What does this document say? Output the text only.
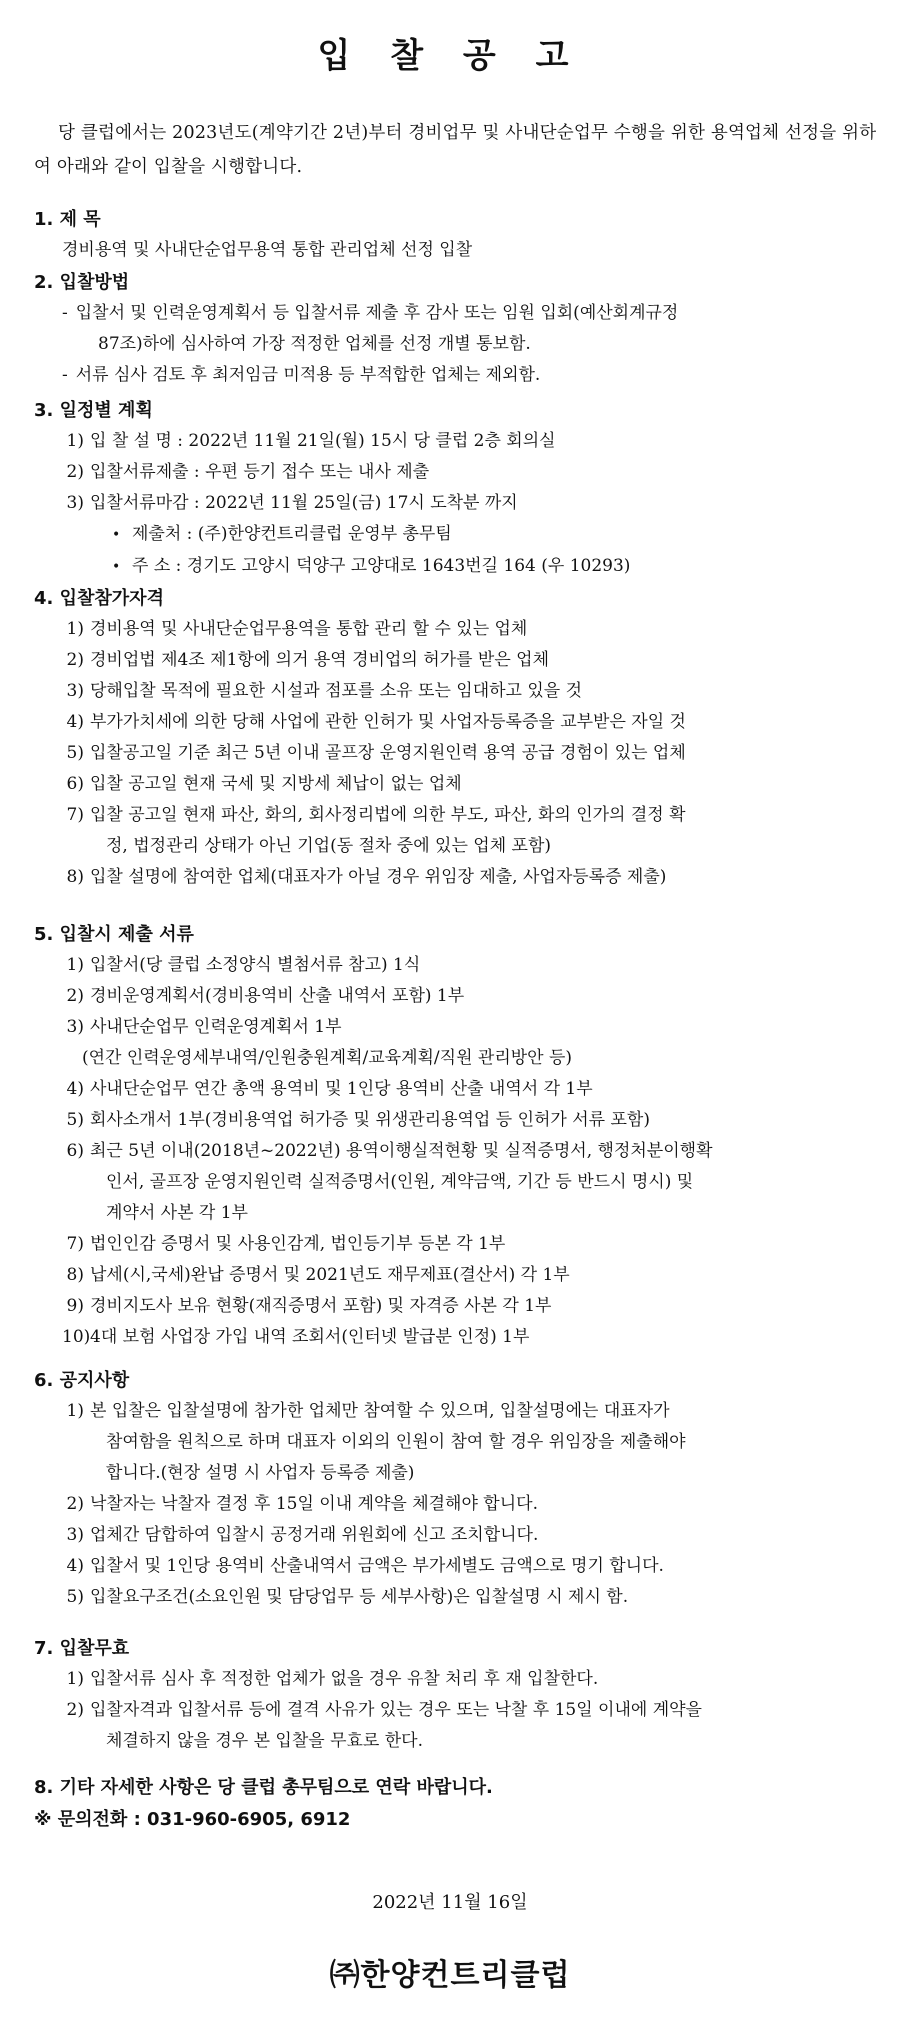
입 찰 공 고
당 클럽에서는 2023년도(계약기간 2년)부터 경비업무 및 사내단순업무 수행을 위한 용역업체 선정을 위하여 아래와 같이 입찰을 시행합니다.
1. 제 목
경비용역 및 사내단순업무용역 통합 관리업체 선정 입찰
2. 입찰방법
- 입찰서 및 인력운영계획서 등 입찰서류 제출 후 감사 또는 임원 입회(예산회계규정
87조)하에 심사하여 가장 적정한 업체를 선정 개별 통보함.
- 서류 심사 검토 후 최저임금 미적용 등 부적합한 업체는 제외함.
3. 일정별 계획
1) 입 찰 설 명 : 2022년 11월 21일(월) 15시 당 클럽 2층 회의실
2) 입찰서류제출 : 우편 등기 접수 또는 내사 제출
3) 입찰서류마감 : 2022년 11월 25일(금) 17시 도착분 까지
• 제출처 : (주)한양컨트리클럽 운영부 총무팀
• 주 소 : 경기도 고양시 덕양구 고양대로 1643번길 164 (우 10293)
4. 입찰참가자격
1) 경비용역 및 사내단순업무용역을 통합 관리 할 수 있는 업체
2) 경비업법 제4조 제1항에 의거 용역 경비업의 허가를 받은 업체
3) 당해입찰 목적에 필요한 시설과 점포를 소유 또는 임대하고 있을 것
4) 부가가치세에 의한 당해 사업에 관한 인허가 및 사업자등록증을 교부받은 자일 것
5) 입찰공고일 기준 최근 5년 이내 골프장 운영지원인력 용역 공급 경험이 있는 업체
6) 입찰 공고일 현재 국세 및 지방세 체납이 없는 업체
7) 입찰 공고일 현재 파산, 화의, 회사정리법에 의한 부도, 파산, 화의 인가의 결정 확
정, 법정관리 상태가 아닌 기업(동 절차 중에 있는 업체 포함)
8) 입찰 설명에 참여한 업체(대표자가 아닐 경우 위임장 제출, 사업자등록증 제출)
5. 입찰시 제출 서류
1) 입찰서(당 클럽 소정양식 별첨서류 참고) 1식
2) 경비운영계획서(경비용역비 산출 내역서 포함) 1부
3) 사내단순업무 인력운영계획서 1부
(연간 인력운영세부내역/인원충원계획/교육계획/직원 관리방안 등)
4) 사내단순업무 연간 총액 용역비 및 1인당 용역비 산출 내역서 각 1부
5) 회사소개서 1부(경비용역업 허가증 및 위생관리용역업 등 인허가 서류 포함)
6) 최근 5년 이내(2018년~2022년) 용역이행실적현황 및 실적증명서, 행정처분이행확
인서, 골프장 운영지원인력 실적증명서(인원, 계약금액, 기간 등 반드시 명시) 및
계약서 사본 각 1부
7) 법인인감 증명서 및 사용인감계, 법인등기부 등본 각 1부
8) 납세(시,국세)완납 증명서 및 2021년도 재무제표(결산서) 각 1부
9) 경비지도사 보유 현황(재직증명서 포함) 및 자격증 사본 각 1부
10)4대 보험 사업장 가입 내역 조회서(인터넷 발급분 인정) 1부
6. 공지사항
1) 본 입찰은 입찰설명에 참가한 업체만 참여할 수 있으며, 입찰설명에는 대표자가
참여함을 원칙으로 하며 대표자 이외의 인원이 참여 할 경우 위임장을 제출해야
합니다.(현장 설명 시 사업자 등록증 제출)
2) 낙찰자는 낙찰자 결정 후 15일 이내 계약을 체결해야 합니다.
3) 업체간 담합하여 입찰시 공정거래 위원회에 신고 조치합니다.
4) 입찰서 및 1인당 용역비 산출내역서 금액은 부가세별도 금액으로 명기 합니다.
5) 입찰요구조건(소요인원 및 담당업무 등 세부사항)은 입찰설명 시 제시 함.
7. 입찰무효
1) 입찰서류 심사 후 적정한 업체가 없을 경우 유찰 처리 후 재 입찰한다.
2) 입찰자격과 입찰서류 등에 결격 사유가 있는 경우 또는 낙찰 후 15일 이내에 계약을
체결하지 않을 경우 본 입찰을 무효로 한다.
8. 기타 자세한 사항은 당 클럽 총무팀으로 연락 바랍니다.
※ 문의전화 : 031-960-6905, 6912
2022년 11월 16일
㈜한양컨트리클럽
